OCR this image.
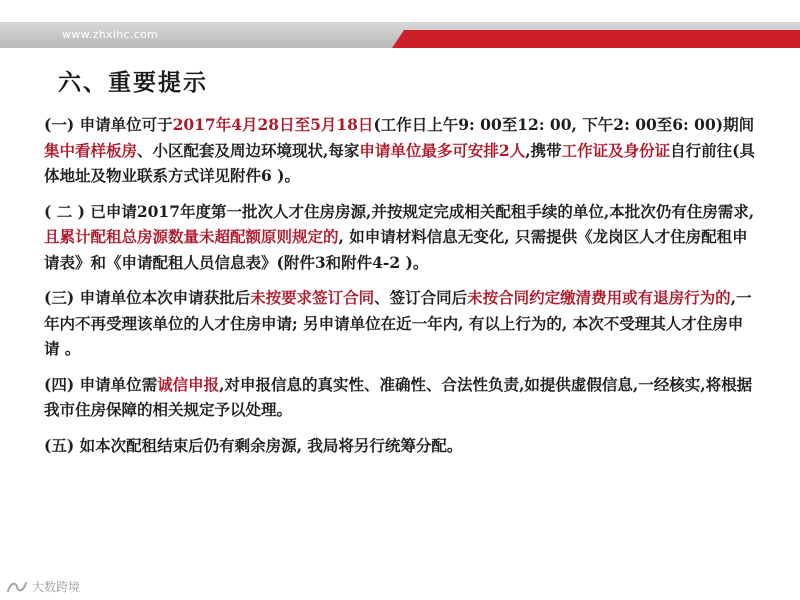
www.zhxihc.com
六、重要提示

(一) 申请单位可于2017年4月28日至5月18日(工作日上午9: 00至12: 00, 下午2: 00至6: 00)期间集中看样板房、小区配套及周边环境现状,每家申请单位最多可安排2人,携带工作证及身份证自行前往(具体地址及物业联系方式详见附件6 )。

( 二 ) 已申请2017年度第一批次人才住房房源,并按规定完成相关配租手续的单位,本批次仍有住房需求,且累计配租总房源数量未超配额原则规定的, 如申请材料信息无变化, 只需提供《龙岗区人才住房配租申请表》和《申请配租人员信息表》(附件3和附件4-2 )。

(三) 申请单位本次申请获批后未按要求签订合同、签订合同后未按合同约定缴清费用或有退房行为的,一年内不再受理该单位的人才住房申请; 另申请单位在近一年内, 有以上行为的, 本次不受理其人才住房申请 。

(四) 申请单位需诚信申报,对申报信息的真实性、准确性、合法性负责,如提供虚假信息,一经核实,将根据我市住房保障的相关规定予以处理。

(五) 如本次配租结束后仍有剩余房源, 我局将另行统筹分配。

大数跨境
